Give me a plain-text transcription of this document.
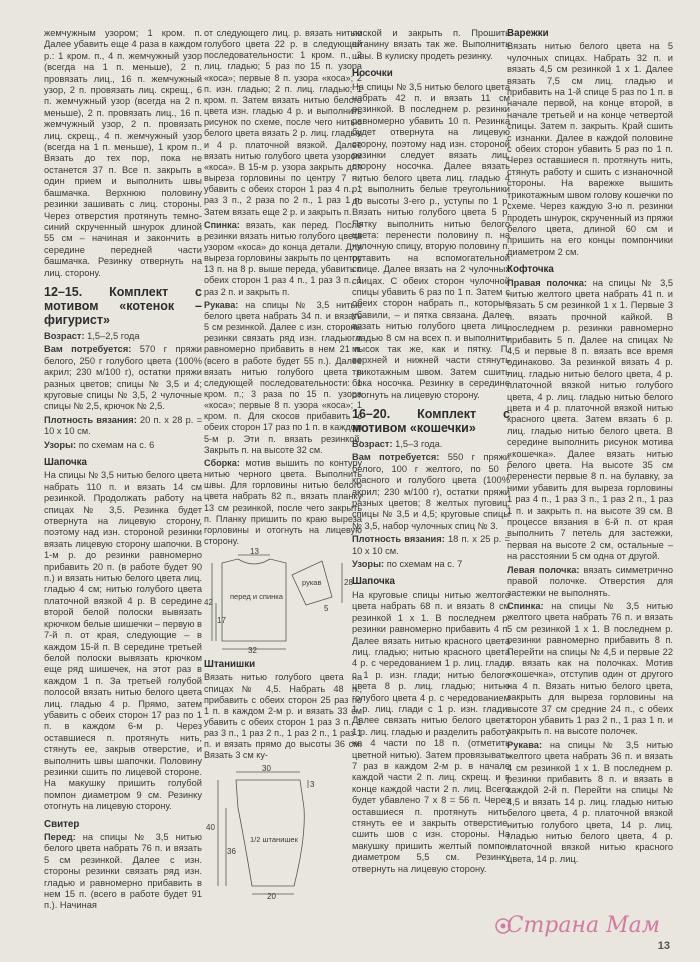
жемчужным узором; 1 кром. п. Далее убавить еще 4 раза в каждом р.: 1 кром. п., 4 п. жемчужный узор (всегда на 1 п. меньше), 2 п. провязать лиц., 16 п. жемчужный узор, 2 п. провязать лиц. скрещ., 6 п. жемчужный узор (всегда на 2 п. меньше), 2 п. провязать лиц., 16 п. жемчужный узор, 2 п. провязать лиц. скрещ., 4 п. жемчужный узор (всегда на 1 п. меньше), 1 кром п.. Вязать до тех пор, пока не останется 37 п. Все п. закрыть в один прием и выполнить швы башмачка. Верхнюю половину резинки зашивать с лиц. стороны. Через отверстия протянуть темно-синий скрученный шнурок длиной 55 см – начиная и закончить в середине передней части башмачка. Резинку отвернуть на лиц. сторону.

12–15. Комплект с мотивом «котенок – фигурист»

Возраст: 1,5–2,5 года

Вам потребуется: 570 г пряжи белого, 250 г голубого цвета (100% акрил; 230 м/100 г), остатки пряжи разных цветов; спицы № 3,5 и 4; круговые спицы № 3,5, 2 чулочные спицы № 2,5, крючок № 2,5.

Плотность вязания: 20 п. х 28 р. = 10 х 10 см.

Узоры: по схемам на с. 6

Шапочка

На спицы № 3,5 нитью белого цвета набрать 110 п. и вязать 14 см резинкой. Продолжать работу на спицах № 3,5. Резинка будет отвернута на лицевую сторону, поэтому над изн. стороной резинки вязать лицевую сторону шапочки. В 1-м р. до резинки равномерно прибавить 20 п. (в работе будет 90 п.) и вязать нитью белого цвета лиц. гладью 4 см; нитью голубого цвета платочной вязкой 4 р. В середине второй белой полоски вывязать крючком белые шишечки – первую в 7-й п. от края, следующие – в каждом 15-й п. В середине третьей белой полоски вывязать крючком еще ряд шишечек, на этот раз в каждом 1 п. За третьей голубой полосой вязать нитью белого цвета лиц. гладью 4 р. Прямо, затем убавить с обеих сторон 17 раз по 1 п. в каждом 6-м р. Через оставшиеся п. протянуть нить, стянуть ее, закрыв отверстие, и выполнить швы шапочки. Половину резинки сшить по лицевой стороне. На макушку пришить голубой помпон диаметром 9 см. Резинку отогнуть на лицевую сторону.

Свитер

Перед: на спицы № 3,5 нитью белого цвета набрать 76 п. и вязать 5 см резинкой. Далее с изн. стороны резинки связать ряд изн. гладью и равномерно прибавить в нем 15 п. (всего в работе будет 91 п.). Начиная

от следующего лиц. р. вязать нитью голубого цвета 22 р. в следующей последовательности: 1 кром. п., 2 лиц. гладью; 5 раз по 15 п. узора «коса»; первые 8 п. узора «коса»; 2 п. изн. гладью; 2 п. лиц. гладью; 1 кром. п. Затем вязать нитью белого цвета изн. гладью 4 р. и выполнить рисунок по схеме, после чего нитью белого цвета вязать 2 р. лиц. гладью и 4 р. платочной вязкой. Далее вязать нитью голубого цвета узором «коса». В 15-м р. узора закрыть для выреза горловины по центру 7 п.; убавить с обеих сторон 1 раз 4 п., 1 раз 3 п., 2 раза по 2 п., 1 раз 1 п. Затем вязать еще 2 р. и закрыть п.

Спинка: вязать, как перед. После резинки вязать нитью голубого цвета узором «коса» до конца детали. Для выреза горловины закрыть по центру 13 п. на 8 р. выше переда, убавить с обеих сторон 1 раз 4 п., 1 раз 3 п., 1 раз 2 п. и закрыть п.

Рукава: на спицы № 3,5 нитью белого цвета набрать 34 п. и вязать 5 см резинкой. Далее с изн. стороны резинки связать ряд изн. гладью и равномерно прибавить в нем 21 п. (всего в работе будет 55 п.). Далее вязать нитью голубого цвета в следующей последовательности: 1 кром. п.; 3 раза по 15 п. узора «коса»; первые 8 п. узора «коса»; 1 кром. п. Для скосов прибавить с обеих сторон 17 раз по 1 п. в каждом 5-м р. Эти п. вязать резинкой. Закрыть п. на высоте 32 см.

Сборка: мотив вышить по контуру нитью черного цвета. Выполнить швы. Для горловины нитью белого цвета набрать 82 п., вязать планку 13 см резинкой, после чего закрыть п. Планку пришить по краю выреза горловины и отогнуть на лицевую сторону.

13
42
17
28
5
32
перед и спинка
рукав
Штанишки

Вязать нитью голубого цвета на спицах № 4,5. Набрать 48 п., прибавить с обеих сторон 25 раз по 1 п. в каждом 2-м р. и вязать 33 см убавить с обеих сторон 1 раз 3 п., 1 раз 3 п., 1 раз 2 п., 1 раз 2 п., 1 раз 1 п. и вязать прямо до высоты 36 см. Вязать 3 см ку-

30
40
36
3
20
1/2 штанишек

лиской и закрыть п. Прошить штанину вязать так же. Выполнить швы. В кулиску продеть резинку.

Носочки

На спицы № 3,5 нитью белого цвета набрать 42 п. и вязать 11 см резинкой. В последнем р. резинки равномерно убавить 10 п. Резинка будет отвернута на лицевую сторону, поэтому над изн. стороной резинки следует вязать лиц. сторону носочка. Далее вязать нитью белого цвета лиц. гладью 4 р.; выполнить белые треугольники до высоты 3-его р., уступы по 1 р. Вязать нитью голубого цвета 5 р. Пятку выполнить нитью белого цвета: перенести половину п. на чулочную спицу, вторую половину п. оставить на вспомогательной спице. Далее вязать на 2 чулочных спицах. С обеих сторон чулочной спицы убавить 6 раз по 1 п. Затем с обеих сторон набрать п., которые убавили, – и пятка связана. Далее вязать нитью голубого цвета лиц. гладью 8 см на всех п. и выполнить мысок так же, как и пятку. П. верхней и нижней части стянуть трикотажным швом. Затем сшить бока носочка. Резинку в середине отогнуть на лицевую сторону.

16–20. Комплект с мотивом «кошечки»

Возраст: 1,5–3 года.

Вам потребуется: 550 г пряжи белого, 100 г желтого, по 50 г красного и голубого цвета (100% акрил; 230 м/100 г), остатки пряжи разных цветов; 8 желтых пуговиц; спицы № 3,5 и 4,5; круговые спицы № 3,5, набор чулочных спиц № 3.

Плотность вязания: 18 п. х 25 р. = 10 х 10 см.

Узоры: по схемам на с. 7

Шапочка

На круговые спицы нитью желтого цвета набрать 68 п. и вязать 8 см резинкой 1 х 1. В последнем р. резинки равномерно прибавить 4 п. Далее вязать нитью красного цвета лиц. гладью; нитью красного цвета 4 р. с чередованием 1 р. лиц. глади с 1 р. изн. глади; нитью белого цвета 8 р. лиц. гладью; нитью голубого цвета 4 р. с чередованием 1 р. лиц. глади с 1 р. изн. глади. Далее связать нитью белого цвета 1 р. лиц. гладью и разделить работу на 4 части по 18 п. (отметить цветной нитью). Затем провязывать 7 раз в каждом 2-м р. в начале каждой части 2 п. лиц. скрещ. и в конце каждой части 2 п. лиц. Всего будет убавлено 7 х 8 = 56 п. Через оставшиеся п. протянуть нить, стянуть ее и закрыть отверстие, сшить шов с изн. стороны. На макушку пришить желтый помпон диаметром 5,5 см. Резинку отвернуть на лицевую сторону.

Варежки

Вязать нитью белого цвета на 5 чулочных спицах. Набрать 32 п. и вязать 4,5 см резинкой 1 х 1. Далее вязать 7,5 см лиц. гладью и прибавить на 1-й спице 5 раз по 1 п. в начале первой, на конце второй, в начале третьей и на конце четвертой спицы. Затем п. закрыть. Край сшить с изнанки. Далее в каждой половине с обеих сторон убавить 5 раз по 1 п. Через оставшиеся п. протянуть нить, стянуть работу и сшить с изнаночной стороны. На варежке вышить трикотажным швом голову кошечки по схеме. Через каждую 3-ю п. резинки продеть шнурок, скрученный из пряжи белого цвета, длиной 60 см и пришить на его концы помпончики диаметром 2 см.

Кофточка

Правая полочка: на спицы № 3,5 нитью желтого цвета набрать 41 п. и вязать 5 см резинкой 1 х 1. Первые 3 п. вязать прочной кайкой. В последнем р. резинки равномерно прибавить 5 п. Далее на спицах № 4,5 и первые 8 п. вязать все время одинаково. За резинкой вязать 4 р. лиц. гладью нитью белого цвета, 4 р. платочной вязкой нитью голубого цвета, 4 р. лиц. гладью нитью белого цвета и 4 р. платочной вязкой нитью красного цвета. Затем вязать 6 р. лиц. гладью нитью белого цвета. В середине выполнить рисунок мотива «кошечка». Далее вязать нитью белого цвета. На высоте 35 см перенести первые 8 п. на булавку, за ними убавить для выреза горловины 1 раз 4 п., 1 раз 3 п., 1 раз 2 п., 1 раз 1 п. и закрыть п. на высоте 39 см. В процессе вязания в 6-й п. от края выполнить 7 петель для застежки, первая на высоте 2 см, остальные – на расстоянии 5 см одна от другой.

Левая полочка: вязать симметрично правой полочке. Отверстия для застежки не выполнять.

Спинка: на спицы № 3,5 нитью желтого цвета набрать 76 п. и вязать 5 см резинкой 1 х 1. В последнем р. резинки равномерно прибавить 8 п. Перейти на спицы № 4,5 и первые 22 р. вязать как на полочках. Мотив «кошечка», отступив один от другого на 4 п. Вязать нитью белого цвета, закрыть для выреза горловины на высоте 37 см средние 24 п., с обеих сторон убавить 1 раз 2 п., 1 раз 1 п. и закрыть п. на высоте полочек.

Рукава: на спицы № 3,5 нитью желтого цвета набрать 36 п. и вязать 4 см резинкой 1 х 1. В последнем р. резинки прибавить 8 п. и вязать в каждой 2-й п. Перейти на спицы № 4,5 и вязать 14 р. лиц. гладью нитью белого цвета, 4 р. платочной вязкой нитью голубого цвета, 14 р. лиц. гладью нитью белого цвета, 4 р. платочной вязкой нитью красного цвета, 14 р. лиц.

Страна Мам
13
